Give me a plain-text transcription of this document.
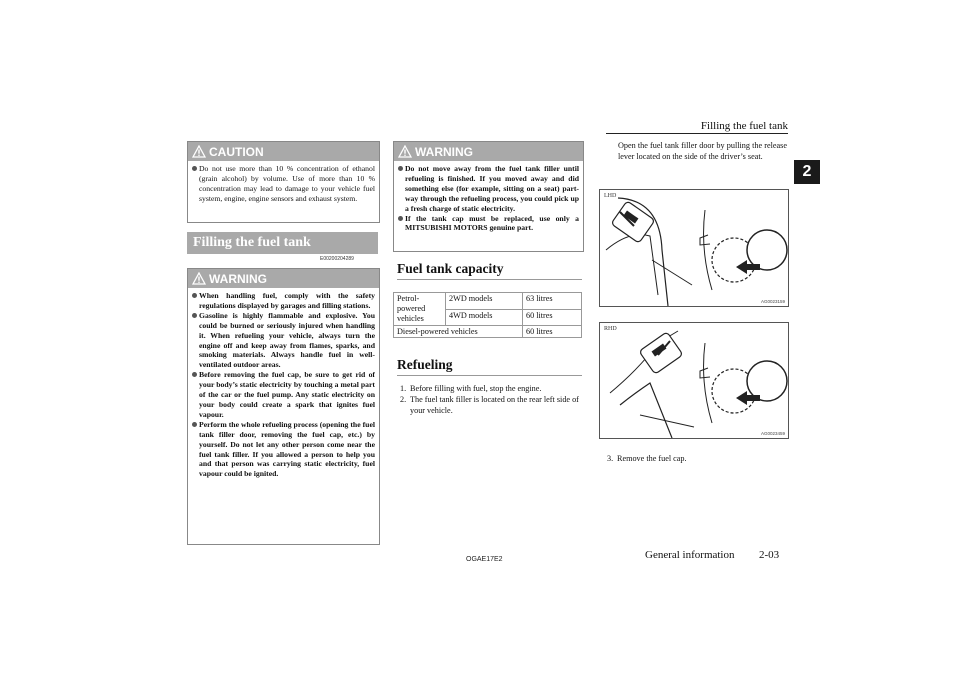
Filling the fuel tank
2
CAUTION
Do not use more than 10 % concentration of ethanol (grain alcohol) by volume. Use of more than 10 % concentration may lead to damage to your vehicle fuel system, engine, engine sensors and exhaust system.
Filling the fuel tank
E00200204289
WARNING
When handling fuel, comply with the safety regulations displayed by garages and filling stations.
Gasoline is highly flammable and explosive. You could be burned or seriously injured when handling it. When refueling your vehicle, always turn the engine off and keep away from flames, sparks, and smoking materials. Always handle fuel in well-ventilated outdoor areas.
Before removing the fuel cap, be sure to get rid of your body’s static electricity by touching a metal part of the car or the fuel pump. Any static electricity on your body could create a spark that ignites fuel vapour.
Perform the whole refueling process (opening the fuel tank filler door, removing the fuel cap, etc.) by yourself. Do not let any other person come near the fuel tank filler. If you allowed a person to help you and that person was carrying static electricity, fuel vapour could be ignited.
WARNING
Do not move away from the fuel tank filler until refueling is finished. If you moved away and did something else (for example, sitting on a seat) part-way through the refueling process, you could pick up a fresh charge of static electricity.
If the tank cap must be replaced, use only a MITSUBISHI MOTORS genuine part.
Fuel tank capacity
Petrol-powered vehicles	2WD models	63 litres
	4WD models	60 litres
Diesel-powered vehicles		60 litres
Refueling
1. Before filling with fuel, stop the engine.
2. The fuel tank filler is located on the rear left side of your vehicle.
Open the fuel tank filler door by pulling the release lever located on the side of the driver’s seat.
LHD
AG0023159
RHD
AG0023459
3. Remove the fuel cap.
OGAE17E2	General information 2-03
